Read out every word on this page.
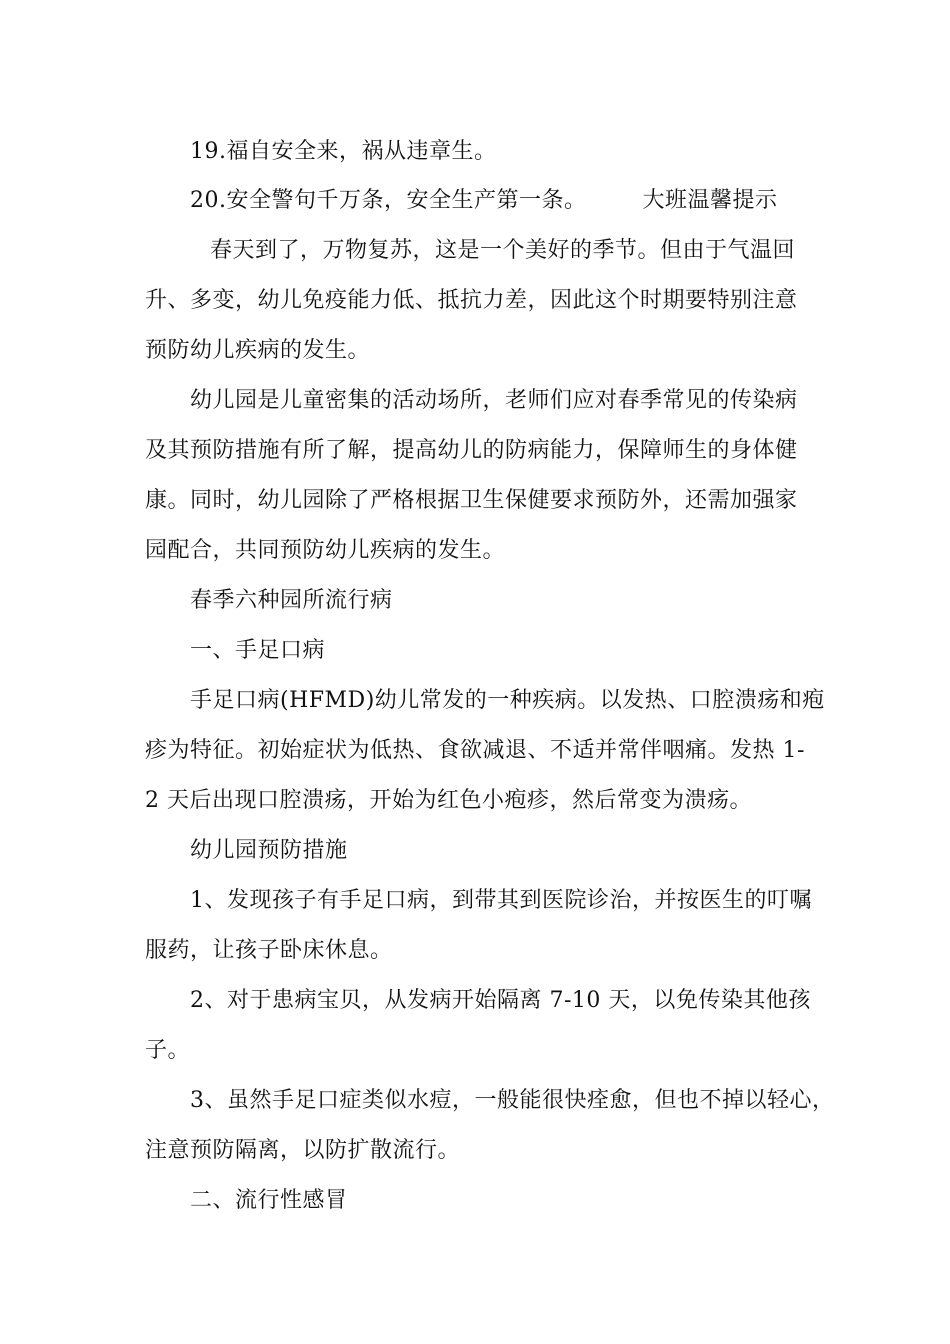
19.福自安全来，祸从违章生。
20.安全警句千万条，安全生产第一条。	大班温馨提示
春天到了，万物复苏，这是一个美好的季节。但由于气温回
升、多变，幼儿免疫能力低、抵抗力差，因此这个时期要特别注意
预防幼儿疾病的发生。
幼儿园是儿童密集的活动场所，老师们应对春季常见的传染病
及其预防措施有所了解，提高幼儿的防病能力，保障师生的身体健
康。同时，幼儿园除了严格根据卫生保健要求预防外，还需加强家
园配合，共同预防幼儿疾病的发生。
春季六种园所流行病
一、手足口病
手足口病(HFMD)幼儿常发的一种疾病。以发热、口腔溃疡和疱
疹为特征。初始症状为低热、食欲减退、不适并常伴咽痛。发热 1-
2 天后出现口腔溃疡，开始为红色小疱疹，然后常变为溃疡。
幼儿园预防措施
1、发现孩子有手足口病，到带其到医院诊治，并按医生的叮嘱
服药，让孩子卧床休息。
2、对于患病宝贝，从发病开始隔离 7-10 天，以免传染其他孩
子。
3、虽然手足口症类似水痘，一般能很快痊愈，但也不掉以轻心，
注意预防隔离，以防扩散流行。
二、流行性感冒
